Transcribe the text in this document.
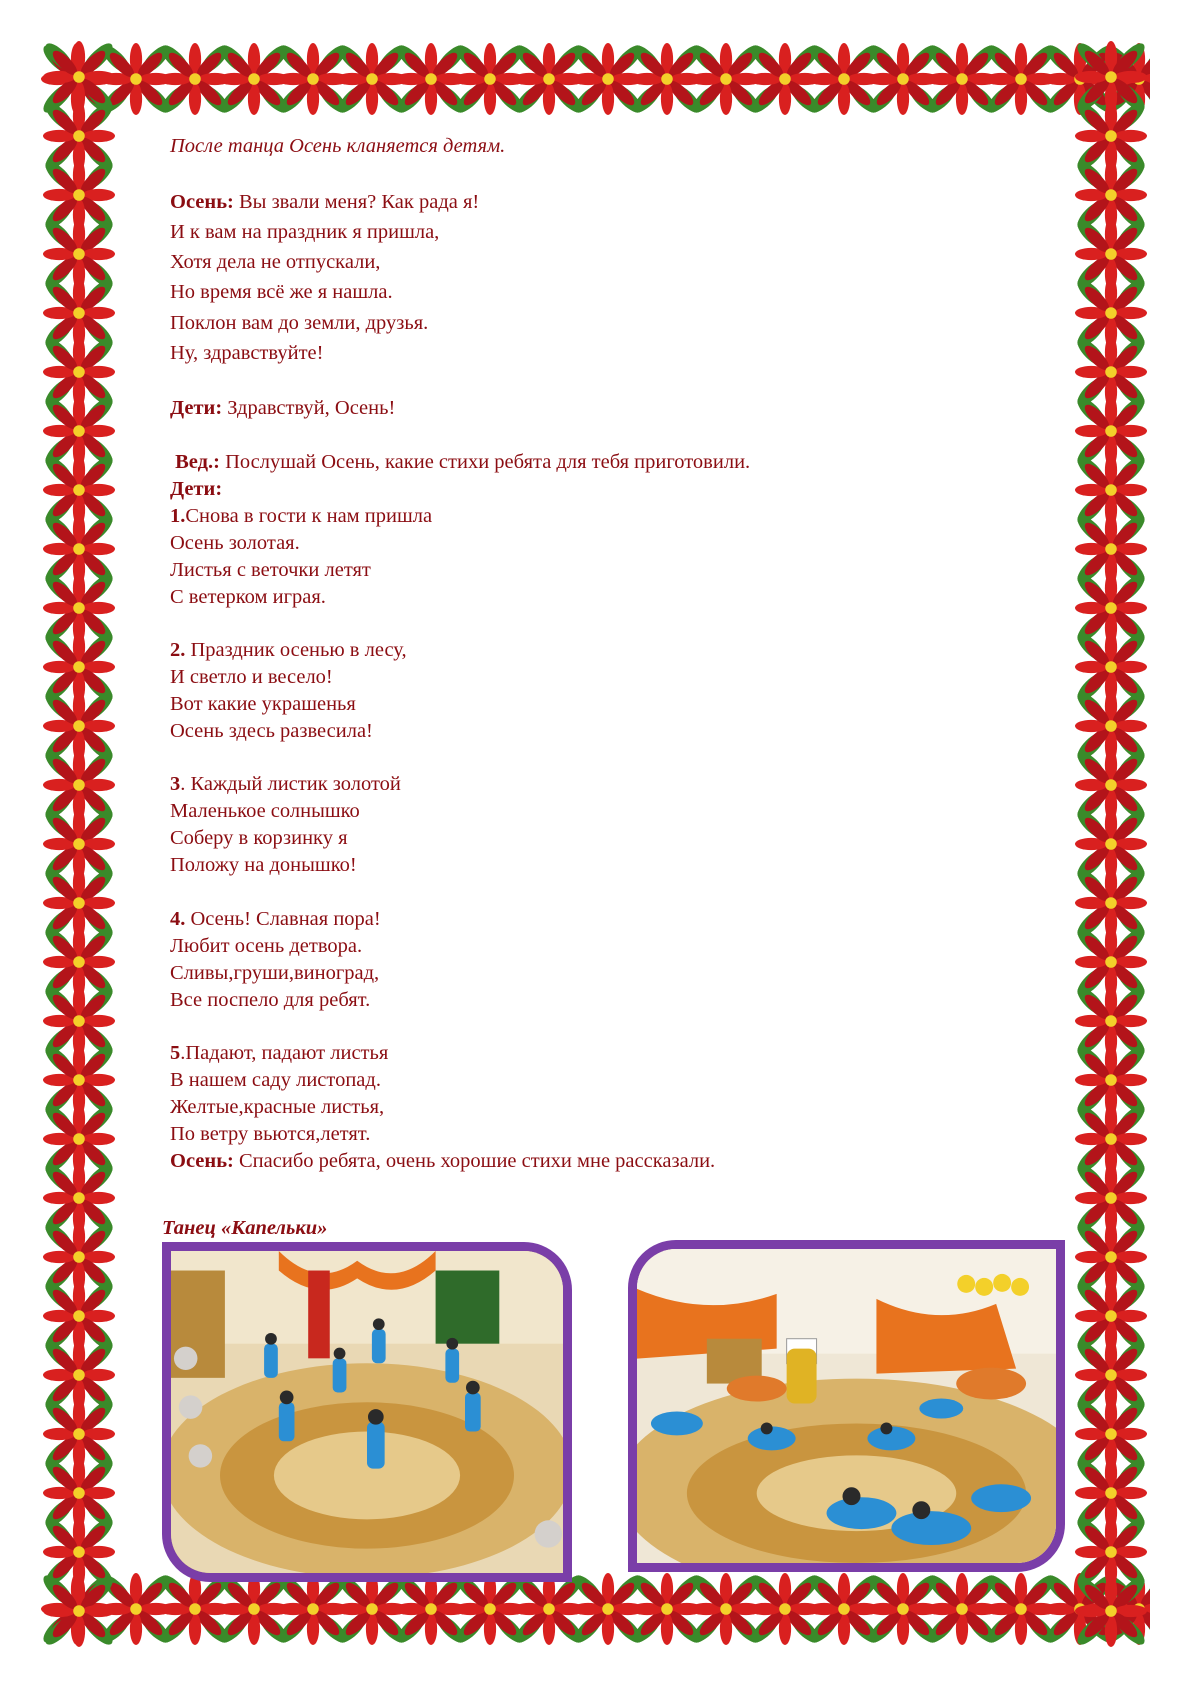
После танца Осень кланяется детям.

Осень: Вы звали меня? Как рада я!

И к вам на праздник я пришла,

Хотя дела не отпускали,

Но время всё же я нашла.

Поклон вам до земли, друзья.

Ну, здравствуйте!

Дети: Здравствуй, Осень!

Вед.: Послушай Осень, какие стихи ребята для тебя приготовили.

Дети:

1.Снова в гости к нам пришла

Осень золотая.

Листья с веточки летят

С ветерком играя.

2. Праздник осенью в лесу,

И светло и весело!

Вот какие украшенья

Осень здесь развесила!

3. Каждый листик золотой

Маленькое солнышко

Соберу в корзинку я

Положу на донышко!

4. Осень! Славная пора!

Любит осень детвора.

Сливы,груши,виноград,

Все поспело для ребят.

5.Падают, падают листья

В нашем саду листопад.

Желтые,красные листья,

По ветру вьются,летят.

Осень: Спасибо ребята, очень хорошие стихи мне рассказали.

Танец «Капельки»
